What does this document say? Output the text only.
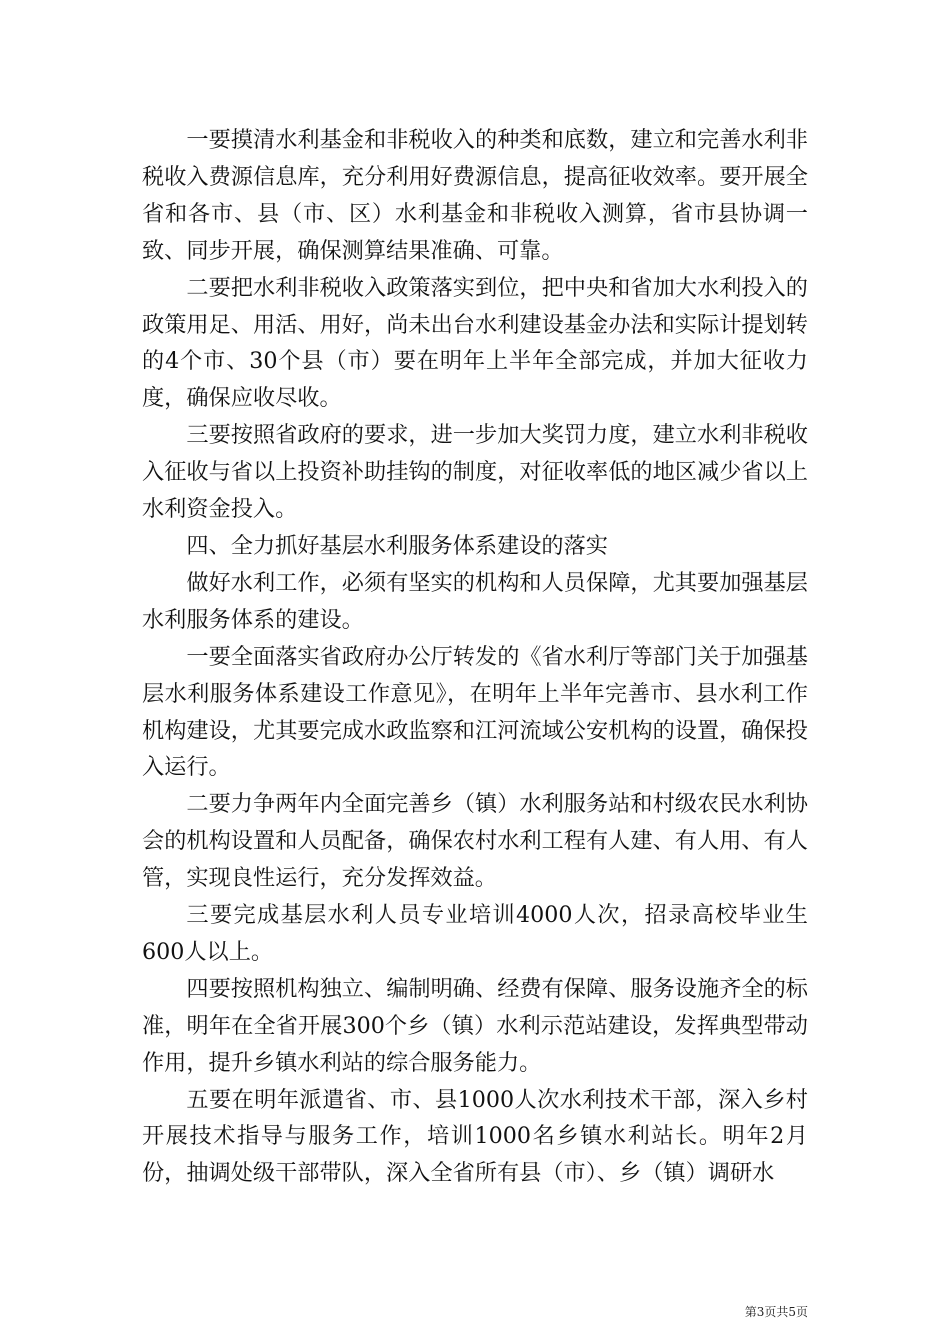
一要摸清水利基金和非税收入的种类和底数，建立和完善水利非税收入费源信息库，充分利用好费源信息，提高征收效率。要开展全省和各市、县（市、区）水利基金和非税收入测算，省市县协调一致、同步开展，确保测算结果准确、可靠。

二要把水利非税收入政策落实到位，把中央和省加大水利投入的政策用足、用活、用好，尚未出台水利建设基金办法和实际计提划转的4个市、30个县（市）要在明年上半年全部完成，并加大征收力度，确保应收尽收。

三要按照省政府的要求，进一步加大奖罚力度，建立水利非税收入征收与省以上投资补助挂钩的制度，对征收率低的地区减少省以上水利资金投入。

四、全力抓好基层水利服务体系建设的落实

做好水利工作，必须有坚实的机构和人员保障，尤其要加强基层水利服务体系的建设。

一要全面落实省政府办公厅转发的《省水利厅等部门关于加强基层水利服务体系建设工作意见》，在明年上半年完善市、县水利工作机构建设，尤其要完成水政监察和江河流域公安机构的设置，确保投入运行。

二要力争两年内全面完善乡（镇）水利服务站和村级农民水利协会的机构设置和人员配备，确保农村水利工程有人建、有人用、有人管，实现良性运行，充分发挥效益。

三要完成基层水利人员专业培训4000人次，招录高校毕业生600人以上。

四要按照机构独立、编制明确、经费有保障、服务设施齐全的标准，明年在全省开展300个乡（镇）水利示范站建设，发挥典型带动作用，提升乡镇水利站的综合服务能力。

五要在明年派遣省、市、县1000人次水利技术干部，深入乡村开展技术指导与服务工作，培训1000名乡镇水利站长。明年2月份，抽调处级干部带队，深入全省所有县（市）、乡（镇）调研水

第3页共5页
